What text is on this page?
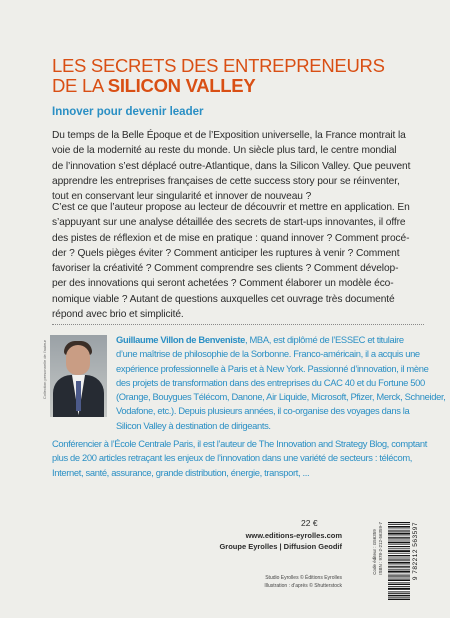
LES SECRETS DES ENTREPRENEURS
DE LA SILICON VALLEY
Innover pour devenir leader
Du temps de la Belle Époque et de l’Exposition universelle, la France montrait la
voie de la modernité au reste du monde. Un siècle plus tard, le centre mondial
de l’innovation s’est déplacé outre-Atlantique, dans la Silicon Valley. Que peuvent
apprendre les entreprises françaises de cette success story pour se réinventer,
tout en conservant leur singularité et innover de nouveau ?
C’est ce que l’auteur propose au lecteur de découvrir et mettre en application. En
s’appuyant sur une analyse détaillée des secrets de start-ups innovantes, il offre
des pistes de réflexion et de mise en pratique : quand innover ? Comment procé-
der ? Quels pièges éviter ? Comment anticiper les ruptures à venir ? Comment
favoriser la créativité ? Comment comprendre ses clients ? Comment dévelop-
per des innovations qui seront achetées ? Comment élaborer un modèle éco-
nomique viable ? Autant de questions auxquelles cet ouvrage très documenté
répond avec brio et simplicité.
Collection personnelle de l’auteur
Guillaume Villon de Benveniste, MBA, est diplômé de l’ESSEC et titulaire
d’une maîtrise de philosophie de la Sorbonne. Franco-américain, il a acquis une
expérience professionnelle à Paris et à New York. Passionné d’innovation, il mène
des projets de transformation dans des entreprises du CAC 40 et du Fortune 500
(Orange, Bouygues Télécom, Danone, Air Liquide, Microsoft, Pfizer, Merck, Schneider,
Vodafone, etc.). Depuis plusieurs années, il co-organise des voyages dans la
Silicon Valley à destination de dirigeants.
Conférencier à l’École Centrale Paris, il est l’auteur de The Innovation and Strategy Blog, comptant
plus de 200 articles retraçant les enjeux de l’innovation dans une variété de secteurs : télécom,
Internet, santé, assurance, grande distribution, énergie, transport, ...
22 €
www.editions-eyrolles.com
Groupe Eyrolles | Diffusion Geodif
Studio Eyrolles © Éditions Eyrolles
Illustration : d’après © Shutterstock
Code éditeur : G56359 ISBN : 978-2-212-56359-7	9 782212 563597
